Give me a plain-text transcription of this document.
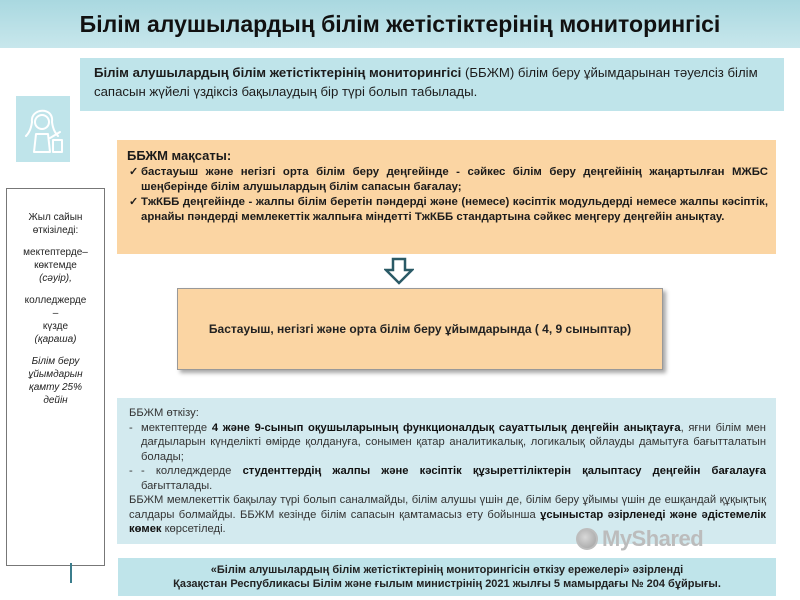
Білім алушылардың білім жетістіктерінің мониторингісі
Білім алушылардың білім жетістіктерінің мониторингісі (ББЖМ) білім беру ұйымдарынан тәуелсіз білім сапасын жүйелі үздіксіз бақылаудың бір түрі болып табылады.
Жыл сайын
өткізіледі:
мектептерде–
көктемде
(сәуір),
колледжерде
–
күзде
(қараша)
Білім беру
ұйымдарын
қамту 25%
дейін
ББЖМ мақсаты:
✓ бастауыш және негізгі орта білім беру деңгейінде - сәйкес білім беру деңгейінің жаңартылған МЖБС шеңберінде білім алушылардың білім сапасын бағалау;
✓ ТжКББ деңгейінде - жалпы білім беретін пәндерді және (немесе) кәсіптік модульдерді немесе жалпы кәсіптік, арнайы пәндерді мемлекеттік жалпыға міндетті ТжКББ стандартына сәйкес меңгеру деңгейін анықтау.
Бастауыш, негізгі және орта білім беру ұйымдарында ( 4, 9 сыныптар)
ББЖМ өткізу:
- мектептерде 4 және 9-сынып оқушыларының функционалдық сауаттылық деңгейін анықтауға, яғни білім мен дағдыларын күнделікті өмірде қолдануға, сонымен қатар аналитикалық, логикалық ойлауды дамытуға бағытталатын болады;
- - колледждерде студенттердің жалпы және кәсіптік құзыреттіліктерін қалыптасу деңгейін бағалауға бағытталады.

ББЖМ мемлекеттік бақылау түрі болып саналмайды, білім алушы үшін де, білім беру ұйымы үшін де ешқандай құқықтық салдары болмайды. ББЖМ кезінде білім сапасын қамтамасыз ету бойынша ұсыныстар әзірленеді және әдістемелік көмек көрсетіледі.	MyShared
«Білім алушылардың білім жетістіктерінің мониторингісін өткізу ережелері» әзірленді
Қазақстан Республикасы Білім және ғылым министрінің 2021 жылғы 5 мамырдағы № 204 бұйрығы.
